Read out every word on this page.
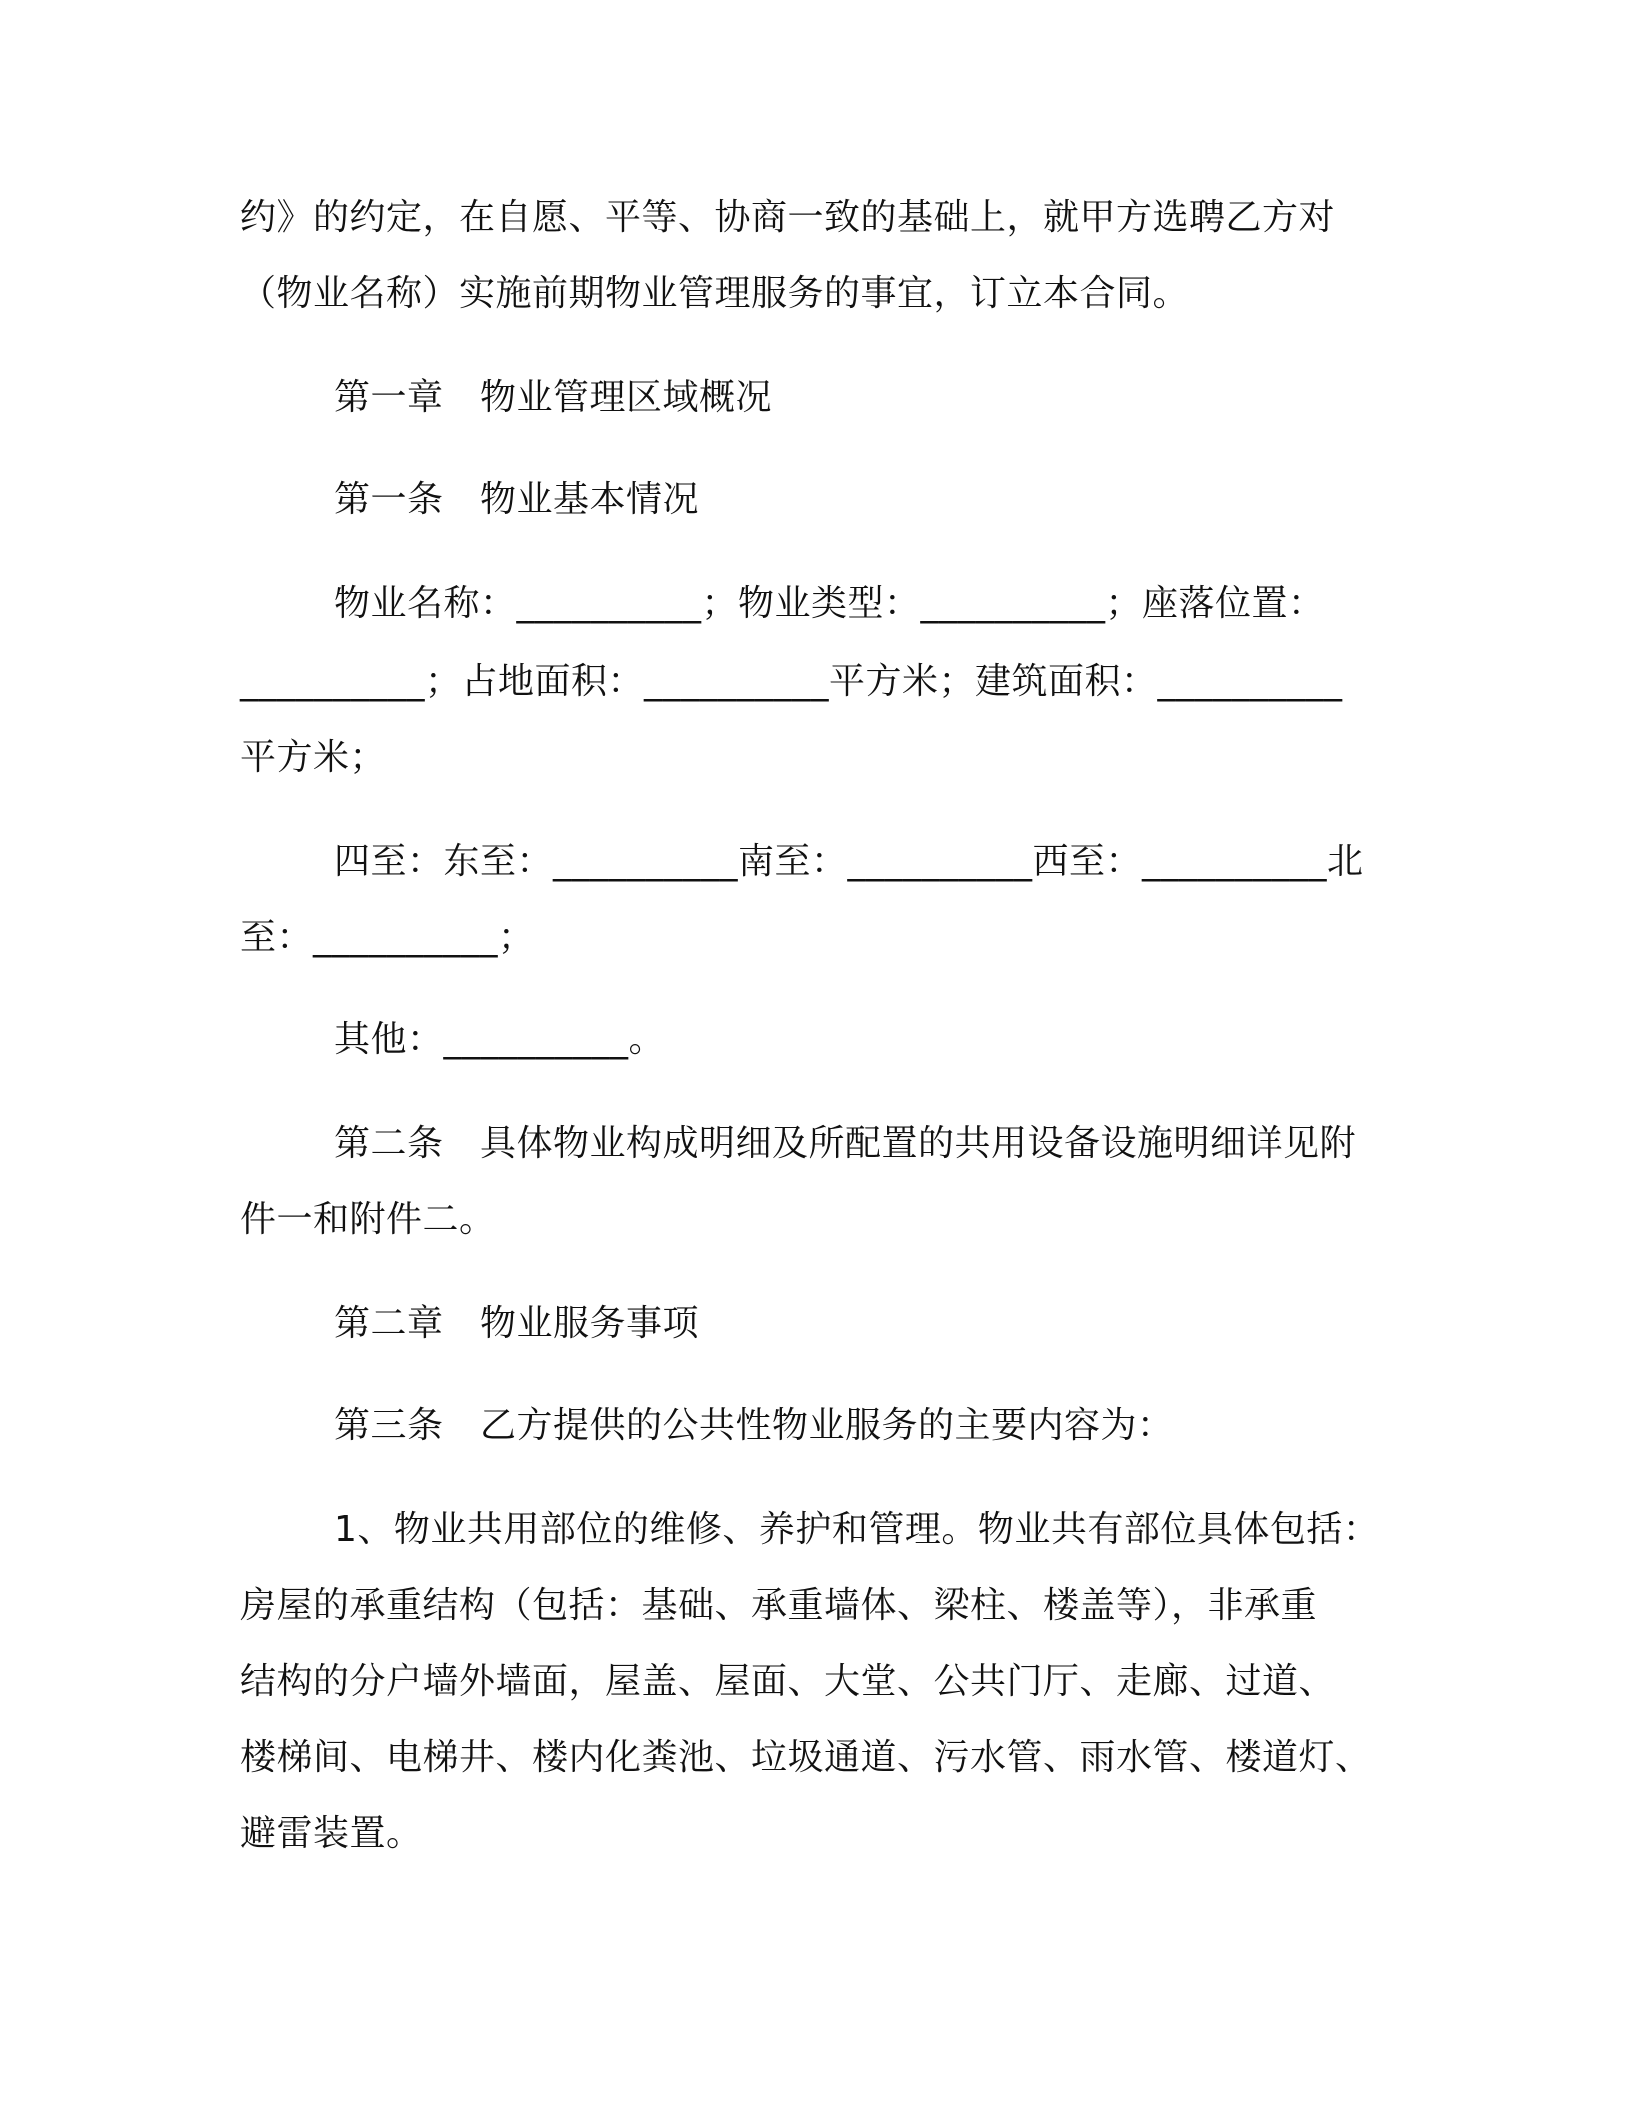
约》的约定，在自愿、平等、协商一致的基础上，就甲方选聘乙方对
（物业名称）实施前期物业管理服务的事宜，订立本合同。
第一章　物业管理区域概况
第一条　物业基本情况
物业名称：__________；物业类型：__________；座落位置：
__________；占地面积：__________平方米；建筑面积：__________
平方米；
四至：东至：__________南至：__________西至：__________北
至：__________；
其他：__________。
第二条　具体物业构成明细及所配置的共用设备设施明细详见附
件一和附件二。
第二章　物业服务事项
第三条　乙方提供的公共性物业服务的主要内容为：
1、物业共用部位的维修、养护和管理。物业共有部位具体包括：
房屋的承重结构（包括：基础、承重墙体、梁柱、楼盖等），非承重
结构的分户墙外墙面，屋盖、屋面、大堂、公共门厅、走廊、过道、
楼梯间、电梯井、楼内化粪池、垃圾通道、污水管、雨水管、楼道灯、
避雷装置。
